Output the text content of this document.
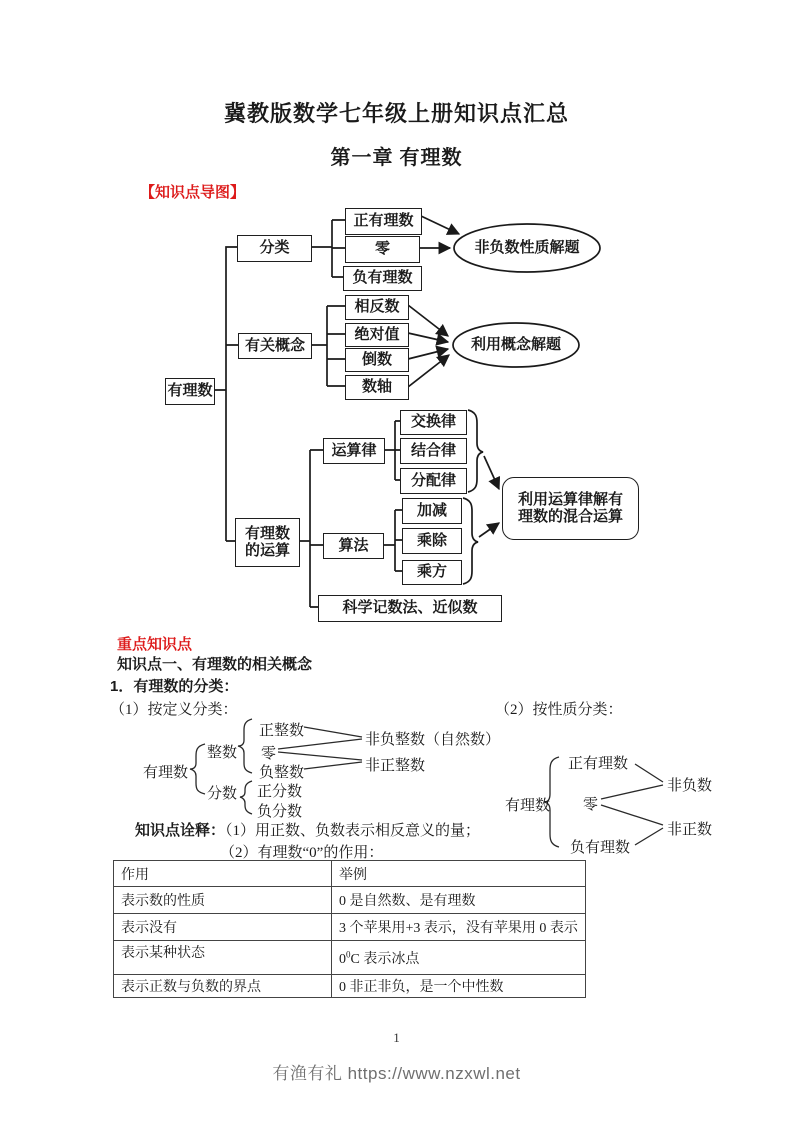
冀教版数学七年级上册知识点汇总
第一章 有理数
【知识点导图】
有理数
分类
正有理数
零
负有理数
非负数性质解题
有关概念
相反数
绝对值
倒数
数轴
利用概念解题
有理数
的运算
运算律
交换律
结合律
分配律
算法
加减
乘除
乘方
科学记数法、近似数
利用运算律解有
理数的混合运算
重点知识点
知识点一、有理数的相关概念
1．有理数的分类：
（1）按定义分类：	（2）按性质分类：
有理数
整数
正整数
零
负整数
分数 正分数
负分数
非负整数（自然数）
非正整数
有理数
正有理数
零
负有理数
非负数
非正数
知识点诠释：（1）用正数、负数表示相反意义的量；
（2）有理数“0”的作用：
作用	举例
表示数的性质	0 是自然数、是有理数
表示没有	3 个苹果用+3 表示，没有苹果用 0 表示
表示某种状态	$0^0C$ 表示冰点
表示正数与负数的界点	0 非正非负，是一个中性数
1
有渔有礼 https://www.nzxwl.net
